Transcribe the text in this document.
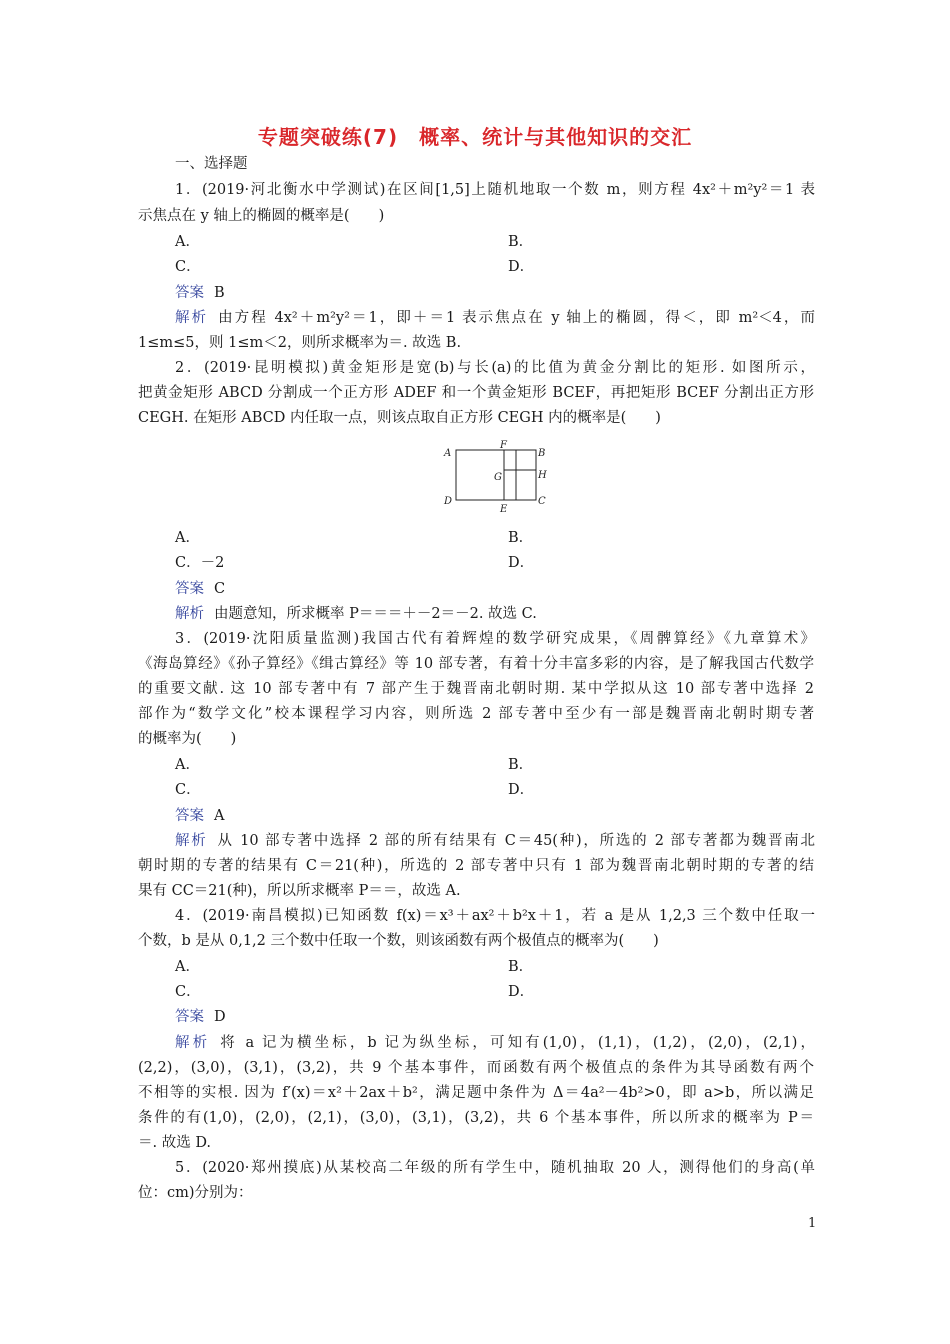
专题突破练(7)　概率、统计与其他知识的交汇
一、选择题
1．(2019·河北衡水中学测试)在区间[1,5]上随机地取一个数 m，则方程 4x²＋m²y²＝1 表
示焦点在 y 轴上的椭圆的概率是(　　)
A．	B．
C．	D．
答案 B
解析 由方程 4x²＋m²y²＝1，即＋＝1 表示焦点在 y 轴上的椭圆，得＜，即 m²＜4，而
1≤m≤5，则 1≤m＜2，则所求概率为＝. 故选 B.
2．(2019·昆明模拟)黄金矩形是宽(b)与长(a)的比值为黄金分割比的矩形. 如图所示，
把黄金矩形 ABCD 分割成一个正方形 ADEF 和一个黄金矩形 BCEF，再把矩形 BCEF 分割出正方形
CEGH. 在矩形 ABCD 内任取一点，则该点取自正方形 CEGH 内的概率是(　　)
A	B
C
D
E
F
G	H
A．	B．
C．－2	D．
答案 C
解析 由题意知，所求概率 P＝＝＝＋－2＝－2. 故选 C.
3．(2019·沈阳质量监测)我国古代有着辉煌的数学研究成果，《周髀算经》《九章算术》
《海岛算经》《孙子算经》《缉古算经》等 10 部专著，有着十分丰富多彩的内容，是了解我国古代数学
的重要文献. 这 10 部专著中有 7 部产生于魏晋南北朝时期. 某中学拟从这 10 部专著中选择 2
部作为“数学文化”校本课程学习内容，则所选 2 部专著中至少有一部是魏晋南北朝时期专著
的概率为(　　)
A．	B．
C．	D．
答案 A
解析 从 10 部专著中选择 2 部的所有结果有 C＝45(种)，所选的 2 部专著都为魏晋南北
朝时期的专著的结果有 C＝21(种)，所选的 2 部专著中只有 1 部为魏晋南北朝时期的专著的结
果有 CC＝21(种)，所以所求概率 P＝＝，故选 A.
4．(2019·南昌模拟)已知函数 f(x)＝x³＋ax²＋b²x＋1，若 a 是从 1,2,3 三个数中任取一
个数，b 是从 0,1,2 三个数中任取一个数，则该函数有两个极值点的概率为(　　)
A．	B．
C．	D．
答案 D
解析 将 a 记为横坐标，b 记为纵坐标，可知有(1,0)，(1,1)，(1,2)，(2,0)，(2,1)，
(2,2)，(3,0)，(3,1)，(3,2)，共 9 个基本事件，而函数有两个极值点的条件为其导函数有两个
不相等的实根. 因为 f′(x)＝x²＋2ax＋b²，满足题中条件为 Δ＝4a²－4b²>0，即 a>b，所以满足
条件的有(1,0)，(2,0)，(2,1)，(3,0)，(3,1)，(3,2)，共 6 个基本事件，所以所求的概率为 P＝
＝. 故选 D.
5．(2020·郑州摸底)从某校高二年级的所有学生中，随机抽取 20 人，测得他们的身高(单
位：cm)分别为：
1
